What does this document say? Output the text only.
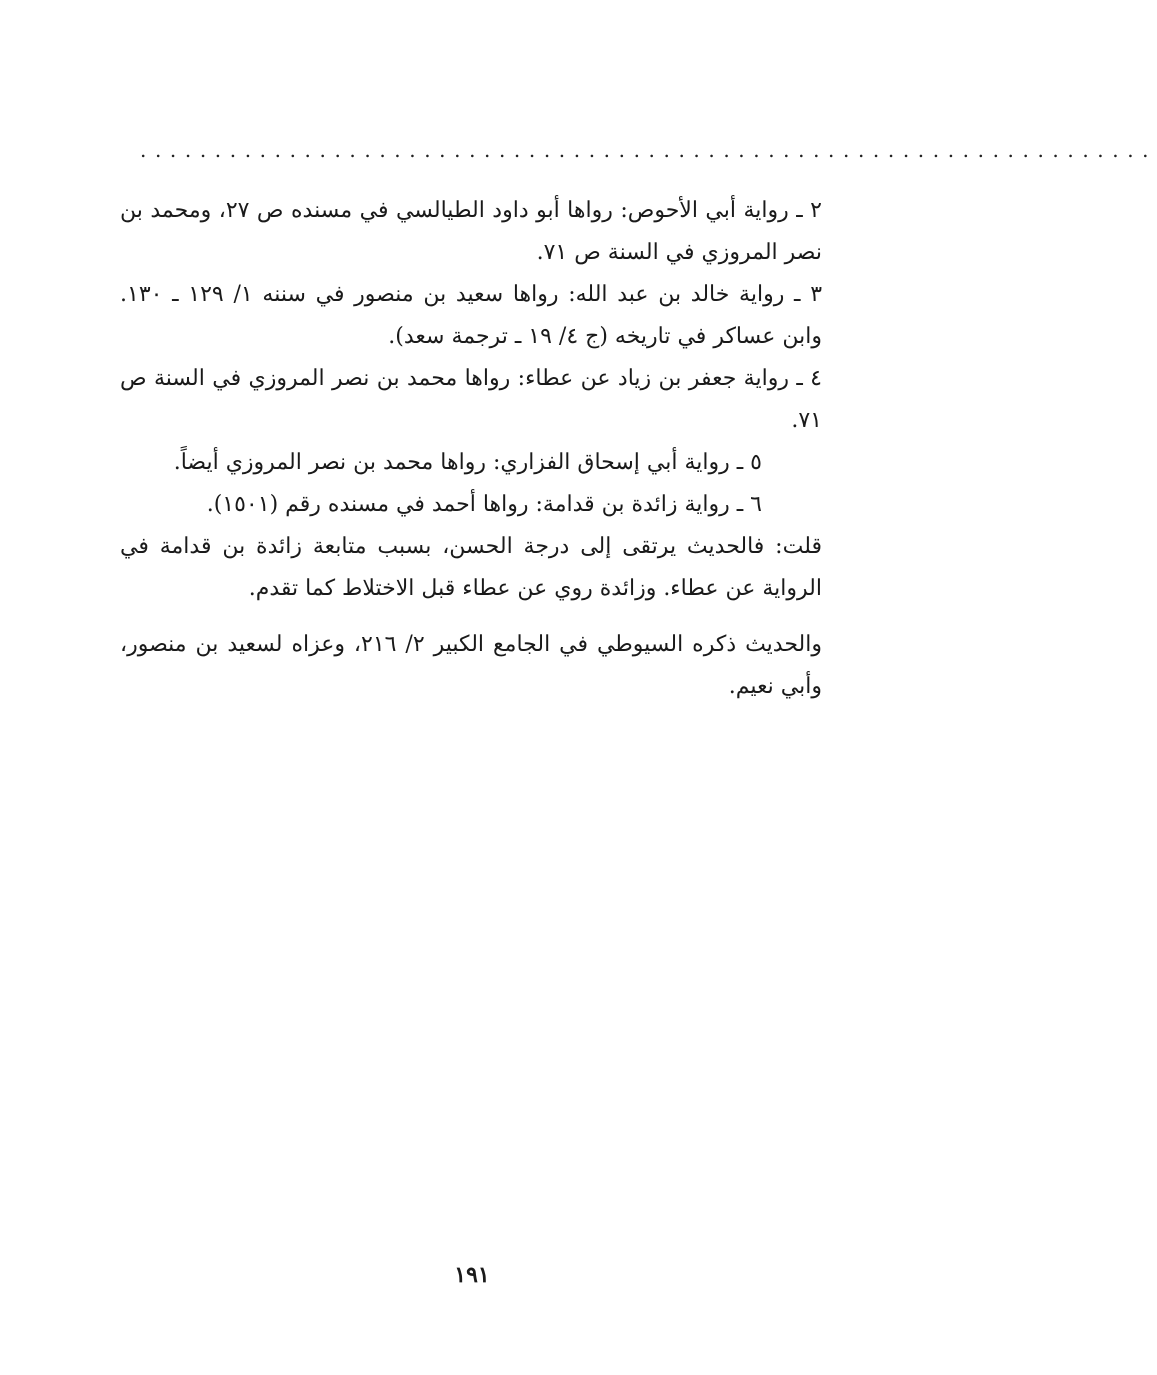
....................................................................

٢ ـ رواية أبي الأحوص: رواها أبو داود الطيالسي في مسنده ص ٢٧، ومحمد بن نصر المروزي في السنة ص ٧١.

٣ ـ رواية خالد بن عبد الله: رواها سعيد بن منصور في سننه ١/ ١٢٩ ـ ١٣٠. وابن عساكر في تاريخه (ج ٤/ ١٩ ـ ترجمة سعد).

٤ ـ رواية جعفر بن زياد عن عطاء: رواها محمد بن نصر المروزي في السنة ص ٧١.

٥ ـ رواية أبي إسحاق الفزاري: رواها محمد بن نصر المروزي أيضاً.

٦ ـ رواية زائدة بن قدامة: رواها أحمد في مسنده رقم (١٥٠١).

قلت: فالحديث يرتقى إلى درجة الحسن، بسبب متابعة زائدة بن قدامة في الرواية عن عطاء. وزائدة روي عن عطاء قبل الاختلاط كما تقدم.

والحديث ذكره السيوطي في الجامع الكبير ٢/ ٢١٦، وعزاه لسعيد بن منصور، وأبي نعيم.

١٩١
